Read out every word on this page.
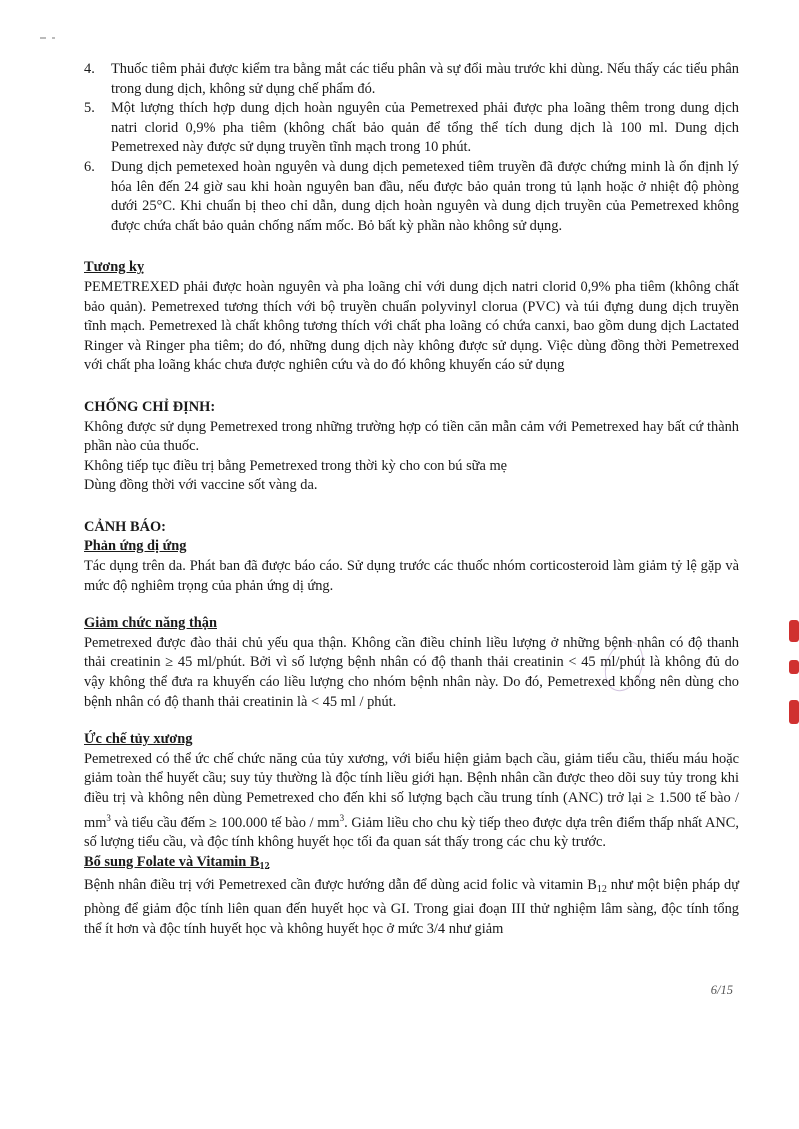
4. Thuốc tiêm phải được kiểm tra bằng mắt các tiểu phân và sự đổi màu trước khi dùng. Nếu thấy các tiểu phân trong dung dịch, không sử dụng chế phẩm đó.
5. Một lượng thích hợp dung dịch hoàn nguyên của Pemetrexed phải được pha loãng thêm trong dung dịch natri clorid 0,9% pha tiêm (không chất bảo quản để tổng thể tích dung dịch là 100 ml. Dung dịch Pemetrexed này được sử dụng truyền tĩnh mạch trong 10 phút.
6. Dung dịch pemetexed hoàn nguyên và dung dịch pemetexed tiêm truyền đã được chứng minh là ổn định lý hóa lên đến 24 giờ sau khi hoàn nguyên ban đầu, nếu được bảo quản trong tủ lạnh hoặc ở nhiệt độ phòng dưới 25°C. Khi chuẩn bị theo chỉ dẫn, dung dịch hoàn nguyên và dung dịch truyền của Pemetrexed không được chứa chất bảo quản chống nấm mốc. Bỏ bất kỳ phần nào không sử dụng.
Tương kỵ

PEMETREXED phải được hoàn nguyên và pha loãng chỉ với dung dịch natri clorid 0,9% pha tiêm (không chất bảo quản). Pemetrexed tương thích với bộ truyền chuẩn polyvinyl clorua (PVC) và túi đựng dung dịch truyền tĩnh mạch. Pemetrexed là chất không tương thích với chất pha loãng có chứa canxi, bao gồm dung dịch Lactated Ringer và Ringer pha tiêm; do đó, những dung dịch này không được sử dụng. Việc dùng đồng thời Pemetrexed với chất pha loãng khác chưa được nghiên cứu và do đó không khuyến cáo sử dụng

CHỐNG CHỈ ĐỊNH:

Không được sử dụng Pemetrexed trong những trường hợp có tiền căn mẫn cảm với Pemetrexed hay bất cứ thành phần nào của thuốc.

Không tiếp tục điều trị bằng Pemetrexed trong thời kỳ cho con bú sữa mẹ

Dùng đồng thời với vaccine sốt vàng da.

CẢNH BÁO:
Phản ứng dị ứng

Tác dụng trên da. Phát ban đã được báo cáo. Sử dụng trước các thuốc nhóm corticosteroid làm giảm tỷ lệ gặp và mức độ nghiêm trọng của phản ứng dị ứng.

Giảm chức năng thận

Pemetrexed được đào thải chủ yếu qua thận. Không cần điều chỉnh liều lượng ở những bệnh nhân có độ thanh thải creatinin ≥ 45 ml/phút. Bởi vì số lượng bệnh nhân có độ thanh thải creatinin < 45 ml/phút là không đủ do vậy không thể đưa ra khuyến cáo liều lượng cho nhóm bệnh nhân này. Do đó, Pemetrexed không nên dùng cho bệnh nhân có độ thanh thải creatinin là < 45 ml / phút.

Ức chế tủy xương

Pemetrexed có thể ức chế chức năng của tủy xương, với biểu hiện giảm bạch cầu, giảm tiểu cầu, thiếu máu hoặc giảm toàn thể huyết cầu; suy tủy thường là độc tính liều giới hạn. Bệnh nhân cần được theo dõi suy tủy trong khi điều trị và không nên dùng Pemetrexed cho đến khi số lượng bạch cầu trung tính (ANC) trở lại ≥ 1.500 tế bào / $mm^3$ và tiểu cầu đếm ≥ 100.000 tế bào / $mm^3$. Giảm liều cho chu kỳ tiếp theo được dựa trên điểm thấp nhất ANC, số lượng tiểu cầu, và độc tính không huyết học tối đa quan sát thấy trong các chu kỳ trước.

Bổ sung Folate và Vitamin $B_{12}$

Bệnh nhân điều trị với Pemetrexed cần được hướng dẫn để dùng acid folic và vitamin $B_{12}$ như một biện pháp dự phòng để giảm độc tính liên quan đến huyết học và GI. Trong giai đoạn III thử nghiệm lâm sàng, độc tính tổng thể ít hơn và độc tính huyết học và không huyết học ở mức 3/4 như giảm

6/15
